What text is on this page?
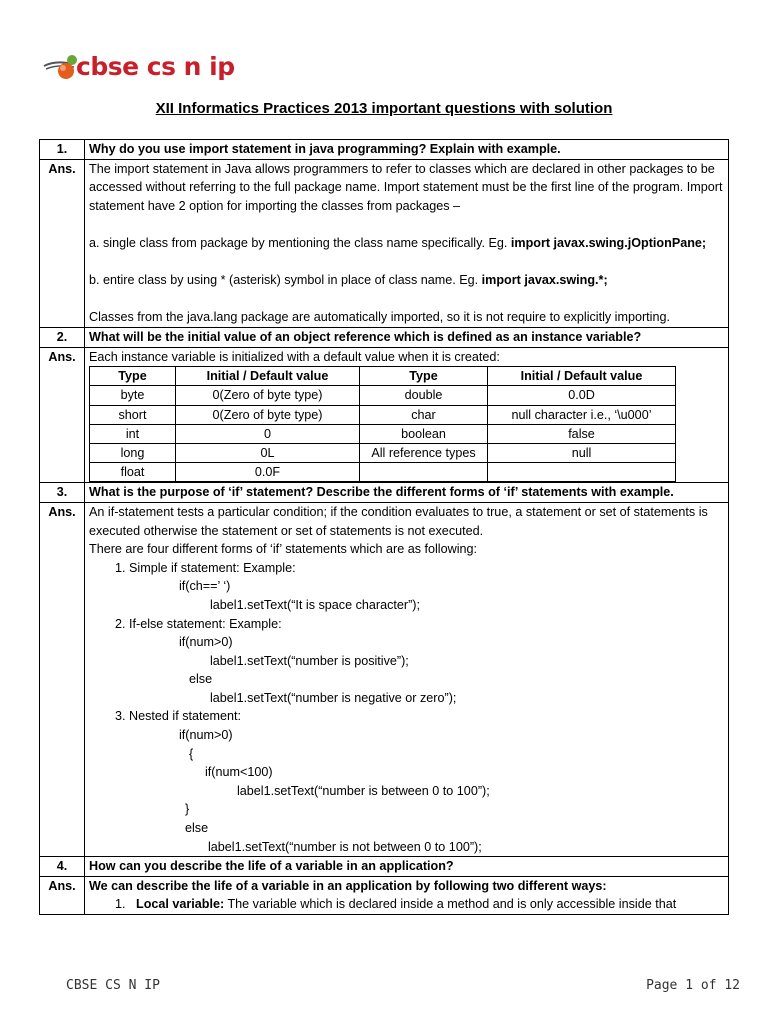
cbse cs n ip
XII Informatics Practices 2013 important questions with solution
1.	Why do you use import statement in java programming? Explain with example.
Ans.	The import statement in Java allows programmers to refer to classes which are declared in other packages to be accessed without referring to the full package name. Import statement must be the first line of the program. Import statement have 2 option for importing the classes from packages –
a. single class from package by mentioning the class name specifically. Eg. import javax.swing.jOptionPane;
b. entire class by using * (asterisk) symbol in place of class name. Eg. import javax.swing.*;
Classes from the java.lang package are automatically imported, so it is not require to explicitly importing.

2.	What will be the initial value of an object reference which is defined as an instance variable?
Ans.	Each instance variable is initialized with a default value when it is created:
Type	Initial / Default value	Type	Initial / Default value
byte	0(Zero of byte type)	double	0.0D
short	0(Zero of byte type)	char	null character i.e., ‘\u000’
int	0	boolean	false
long	0L	All reference types	null
float	0.0F		

3.	What is the purpose of ‘if’ statement? Describe the different forms of ‘if’ statements with example.
Ans.	An if-statement tests a particular condition; if the condition evaluates to true, a statement or set of statements is executed otherwise the statement or set of statements is not executed.
There are four different forms of ‘if’ statements which are as following:
1. Simple if statement: Example:
if(ch==’ ‘)
label1.setText(“It is space character”);
2. If-else statement: Example:
if(num>0)
label1.setText(“number is positive”);
else
label1.setText(“number is negative or zero”);
3. Nested if statement:
if(num>0)
{
if(num<100)
label1.setText(“number is between 0 to 100”);
}
else
label1.setText(“number is not between 0 to 100”);

4.	How can you describe the life of a variable in an application?
Ans.	We can describe the life of a variable in an application by following two different ways:
1.   Local variable: The variable which is declared inside a method and is only accessible inside that
CBSE CS N IP	Page 1 of 12
